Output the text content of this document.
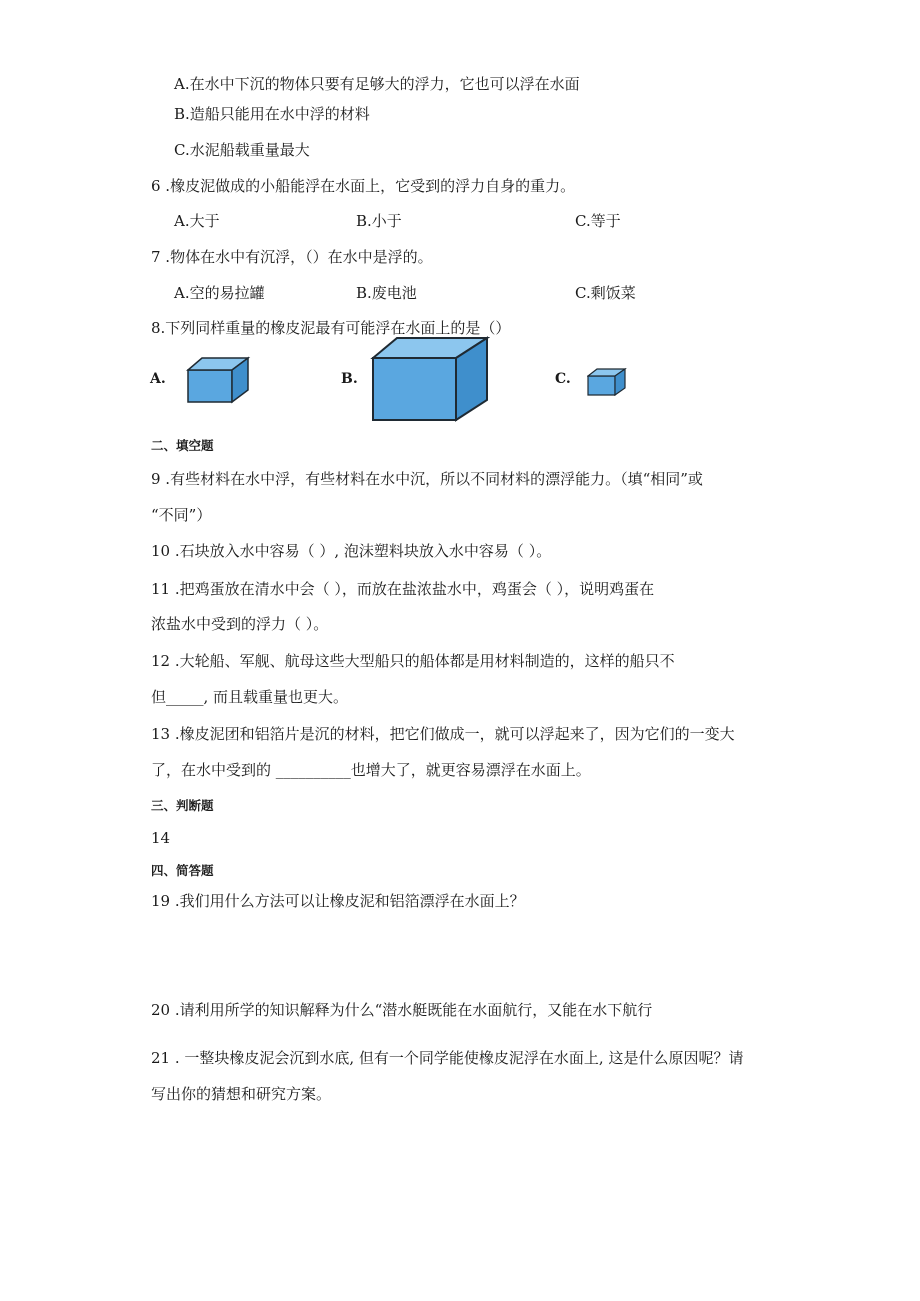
A.在水中下沉的物体只要有足够大的浮力，它也可以浮在水面
B.造船只能用在水中浮的材料
C.水泥船载重量最大
6 .橡皮泥做成的小船能浮在水面上，它受到的浮力自身的重力。
A.大于	B.小于	C.等于
7 .物体在水中有沉浮，（）在水中是浮的。
A.空的易拉罐	B.废电池	C.剩饭菜
8.下列同样重量的橡皮泥最有可能浮在水面上的是（）
A.	B.	C.
二、填空题
9 .有些材料在水中浮，有些材料在水中沉，所以不同材料的漂浮能力。（填“相同”或
“不同”）
10 .石块放入水中容易（ ）, 泡沫塑料块放入水中容易（ ）。
11 .把鸡蛋放在清水中会（ ），而放在盐浓盐水中，鸡蛋会（ ），说明鸡蛋在
浓盐水中受到的浮力（ ）。
12 .大轮船、军舰、航母这些大型船只的船体都是用材料制造的，这样的船只不
但_____, 而且载重量也更大。
13 .橡皮泥团和铝箔片是沉的材料，把它们做成一，就可以浮起来了，因为它们的一变大
了，在水中受到的 __________也增大了，就更容易漂浮在水面上。
三、判断题
14
四、简答题
19 .我们用什么方法可以让橡皮泥和铝箔漂浮在水面上？
20 .请利用所学的知识解释为什么“潜水艇既能在水面航行，又能在水下航行
21 . 一整块橡皮泥会沉到水底, 但有一个同学能使橡皮泥浮在水面上, 这是什么原因呢？请
写出你的猜想和研究方案。
